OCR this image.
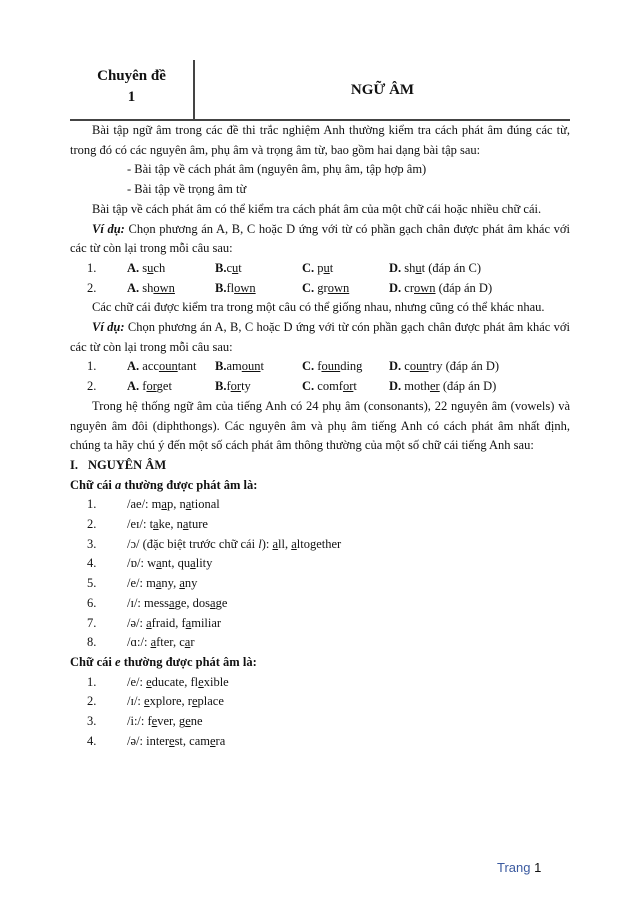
Chuyên đề
1	NGỮ ÂM

Bài tập ngữ âm trong các đề thi trắc nghiệm Anh thường kiểm tra cách phát âm đúng các từ, trong đó có các nguyên âm, phụ âm và trọng âm từ, bao gồm hai dạng bài tập sau:

- Bài tập về cách phát âm (nguyên âm, phụ âm, tập hợp âm)

- Bài tập về trọng âm từ

Bài tập về cách phát âm có thể kiểm tra cách phát âm của một chữ cái hoặc nhiều chữ cái.

Ví dụ: Chọn phương án A, B, C hoặc D ứng với từ có phần gạch chân được phát âm khác với các từ còn lại trong mỗi câu sau:

1.	A. such	B.cut	C. put	D. shut (đáp án C)
2.	A. shown	B.flown	C. grown	D. crown (đáp án D)

Các chữ cái được kiểm tra trong một câu có thể giống nhau, nhưng cũng có thể khác nhau.

Ví dụ: Chọn phương án A, B, C hoặc D ứng với từ cón phần gạch chân được phát âm khác với các từ còn lại trong mỗi câu sau:

1.	A. accountant	B.amount	C. founding	D. country (đáp án D)
2.	A. forget	B.forty	C. comfort	D. mother (đáp án D)

Trong hệ thống ngữ âm của tiếng Anh có 24 phụ âm (consonants), 22 nguyên âm (vowels) và nguyên âm đôi (diphthongs). Các nguyên âm và phụ âm tiếng Anh có cách phát âm nhất định, chúng ta hãy chú ý đến một số cách phát âm thông thường của một số chữ cái tiếng Anh sau:

I. NGUYÊN ÂM
Chữ cái a thường được phát âm là:
1.	/ae/: map, national
2.	/eɪ/: take, nature
3.	/ɔ/ (đặc biệt trước chữ cái l): all, altogether
4.	/ɒ/: want, quality
5.	/e/: many, any
6.	/ɪ/: message, dosage
7.	/ə/: afraid, familiar
8.	/ɑ:/: after, car
Chữ cái e thường được phát âm là:
1.	/e/: educate, flexible
2.	/ɪ/: explore, replace
3.	/i:/: fever, gene
4.	/ə/: interest, camera
Trang 1
